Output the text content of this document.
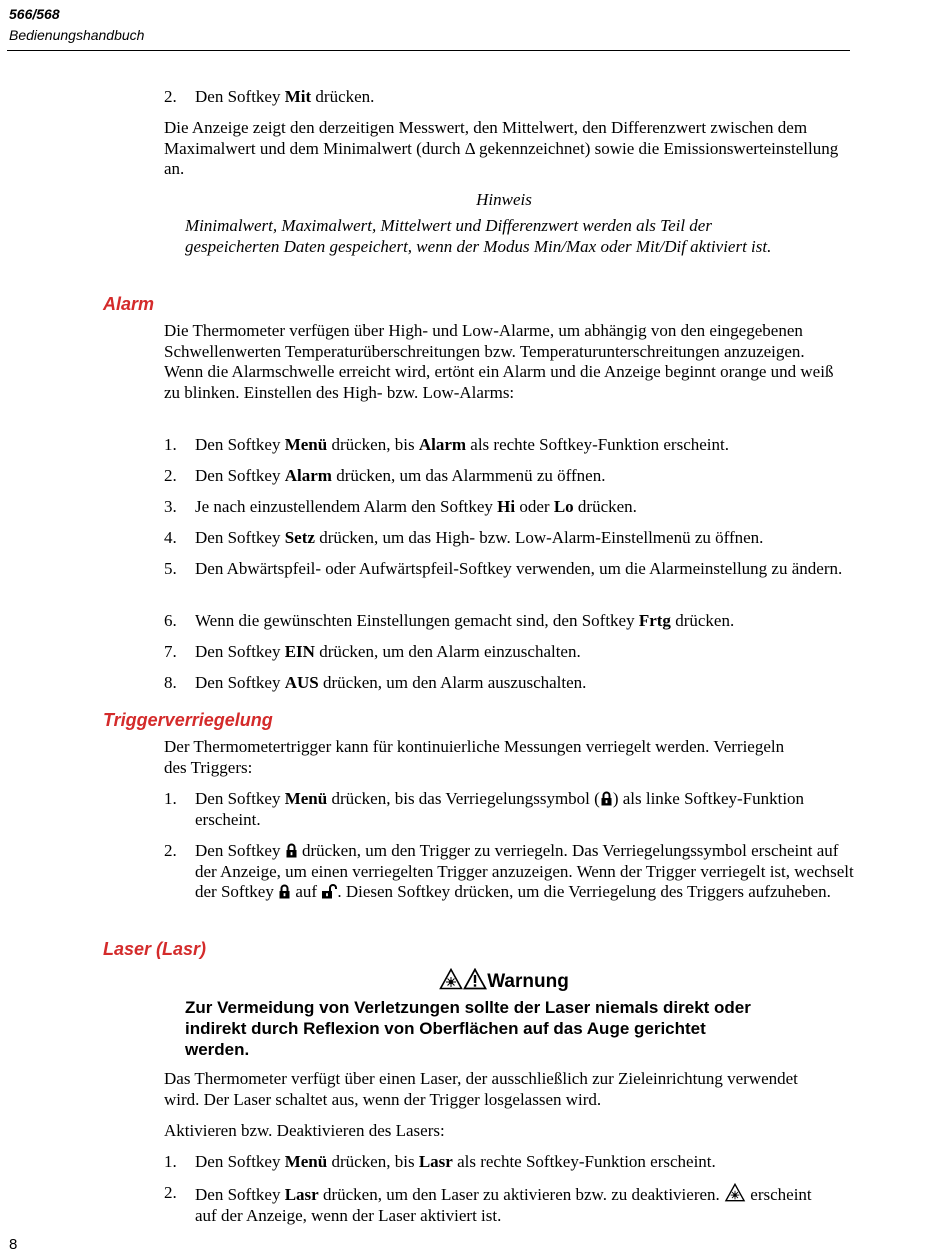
566/568
Bedienungshandbuch
2. Den Softkey Mit drücken.
Die Anzeige zeigt den derzeitigen Messwert, den Mittelwert, den Differenzwert zwischen dem Maximalwert und dem Minimalwert (durch Δ gekennzeichnet) sowie die Emissionswerteinstellung an.
Hinweis
Minimalwert, Maximalwert, Mittelwert und Differenzwert werden als Teil der gespeicherten Daten gespeichert, wenn der Modus Min/Max oder Mit/Dif aktiviert ist.
Alarm
Die Thermometer verfügen über High- und Low-Alarme, um abhängig von den eingegebenen Schwellenwerten Temperaturüberschreitungen bzw. Temperaturunterschreitungen anzuzeigen. Wenn die Alarmschwelle erreicht wird, ertönt ein Alarm und die Anzeige beginnt orange und weiß zu blinken. Einstellen des High- bzw. Low-Alarms:
1. Den Softkey Menü drücken, bis Alarm als rechte Softkey-Funktion erscheint.
2. Den Softkey Alarm drücken, um das Alarmmenü zu öffnen.
3. Je nach einzustellendem Alarm den Softkey Hi oder Lo drücken.
4. Den Softkey Setz drücken, um das High- bzw. Low-Alarm-Einstellmenü zu öffnen.
5. Den Abwärtspfeil- oder Aufwärtspfeil-Softkey verwenden, um die Alarmeinstellung zu ändern.
6. Wenn die gewünschten Einstellungen gemacht sind, den Softkey Frtg drücken.
7. Den Softkey EIN drücken, um den Alarm einzuschalten.
8. Den Softkey AUS drücken, um den Alarm auszuschalten.
Triggerverriegelung
Der Thermometertrigger kann für kontinuierliche Messungen verriegelt werden. Verriegeln des Triggers:
1. Den Softkey Menü drücken, bis das Verriegelungssymbol ( ) als linke Softkey-Funktion erscheint.
2. Den Softkey  drücken, um den Trigger zu verriegeln. Das Verriegelungssymbol erscheint auf der Anzeige, um einen verriegelten Trigger anzuzeigen. Wenn der Trigger verriegelt ist, wechselt der Softkey  auf . Diesen Softkey drücken, um die Verriegelung des Triggers aufzuheben.
Laser (Lasr)
Warnung
Zur Vermeidung von Verletzungen sollte der Laser niemals direkt oder indirekt durch Reflexion von Oberflächen auf das Auge gerichtet werden.
Das Thermometer verfügt über einen Laser, der ausschließlich zur Zieleinrichtung verwendet wird. Der Laser schaltet aus, wenn der Trigger losgelassen wird.
Aktivieren bzw. Deaktivieren des Lasers:
1. Den Softkey Menü drücken, bis Lasr als rechte Softkey-Funktion erscheint.
2. Den Softkey Lasr drücken, um den Laser zu aktivieren bzw. zu deaktivieren.  erscheint auf der Anzeige, wenn der Laser aktiviert ist.
8
